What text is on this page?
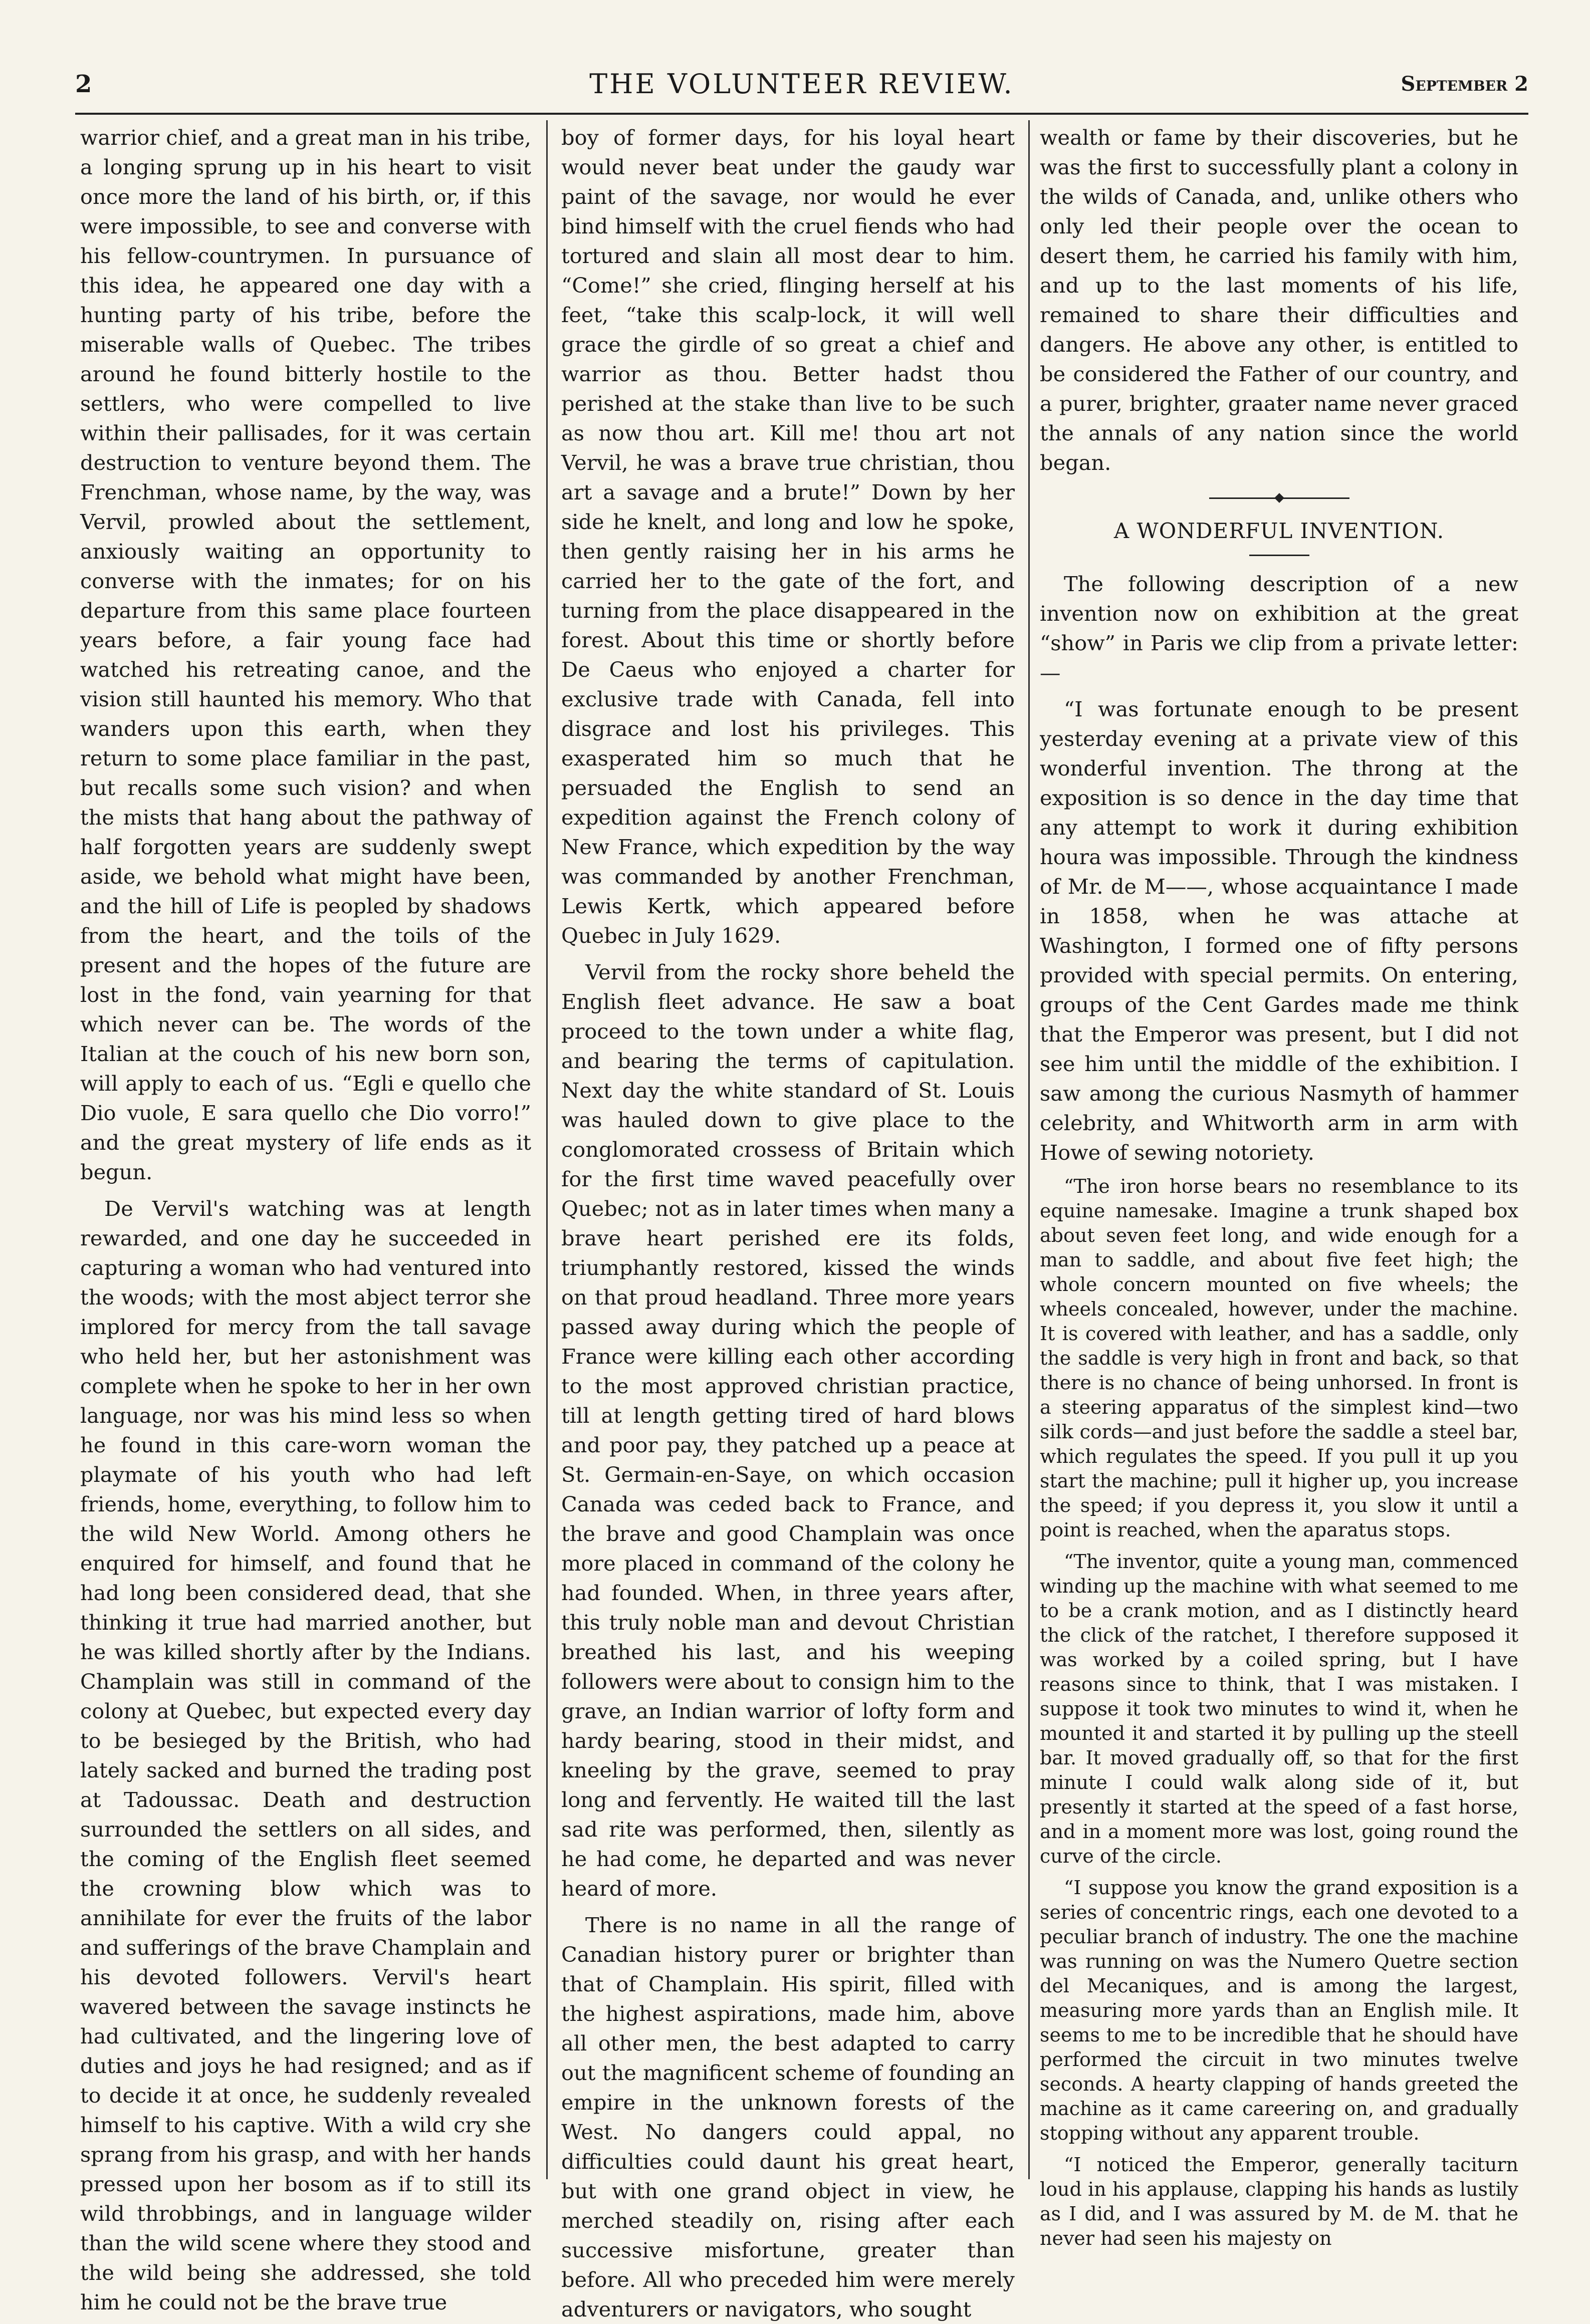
2	THE VOLUNTEER REVIEW.	September 2

warrior chief, and a great man in his tribe, a longing sprung up in his heart to visit once more the land of his birth, or, if this were impossible, to see and converse with his fellow-countrymen. In pursuance of this idea, he appeared one day with a hunting party of his tribe, before the miserable walls of Quebec. The tribes around he found bitterly hostile to the settlers, who were compelled to live within their pallisades, for it was certain destruction to venture beyond them. The Frenchman, whose name, by the way, was Vervil, prowled about the settlement, anxiously waiting an opportunity to converse with the inmates; for on his departure from this same place fourteen years before, a fair young face had watched his retreating canoe, and the vision still haunted his memory. Who that wanders upon this earth, when they return to some place familiar in the past, but recalls some such vision? and when the mists that hang about the pathway of half forgotten years are suddenly swept aside, we behold what might have been, and the hill of Life is peopled by shadows from the heart, and the toils of the present and the hopes of the future are lost in the fond, vain yearning for that which never can be. The words of the Italian at the couch of his new born son, will apply to each of us. “Egli e quello che Dio vuole, E sara quello che Dio vorro!” and the great mystery of life ends as it begun.

De Vervil's watching was at length rewarded, and one day he succeeded in capturing a woman who had ventured into the woods; with the most abject terror she implored for mercy from the tall savage who held her, but her astonishment was complete when he spoke to her in her own language, nor was his mind less so when he found in this care-worn woman the playmate of his youth who had left friends, home, everything, to follow him to the wild New World. Among others he enquired for himself, and found that he had long been considered dead, that she thinking it true had married another, but he was killed shortly after by the Indians. Champlain was still in command of the colony at Quebec, but expected every day to be besieged by the British, who had lately sacked and burned the trading post at Tadoussac. Death and destruction surrounded the settlers on all sides, and the coming of the English fleet seemed the crowning blow which was to annihilate for ever the fruits of the labor and sufferings of the brave Champlain and his devoted followers. Vervil's heart wavered between the savage instincts he had cultivated, and the lingering love of duties and joys he had resigned; and as if to decide it at once, he suddenly revealed himself to his captive. With a wild cry she sprang from his grasp, and with her hands pressed upon her bosom as if to still its wild throbbings, and in language wilder than the wild scene where they stood and the wild being she addressed, she told him he could not be the brave true

boy of former days, for his loyal heart would never beat under the gaudy war paint of the savage, nor would he ever bind himself with the cruel fiends who had tortured and slain all most dear to him. “Come!” she cried, flinging herself at his feet, “take this scalp-lock, it will well grace the girdle of so great a chief and warrior as thou. Better hadst thou perished at the stake than live to be such as now thou art. Kill me! thou art not Vervil, he was a brave true christian, thou art a savage and a brute!” Down by her side he knelt, and long and low he spoke, then gently raising her in his arms he carried her to the gate of the fort, and turning from the place disappeared in the forest. About this time or shortly before De Caeus who enjoyed a charter for exclusive trade with Canada, fell into disgrace and lost his privileges. This exasperated him so much that he persuaded the English to send an expedition against the French colony of New France, which expedition by the way was commanded by another Frenchman, Lewis Kertk, which appeared before Quebec in July 1629.

Vervil from the rocky shore beheld the English fleet advance. He saw a boat proceed to the town under a white flag, and bearing the terms of capitulation. Next day the white standard of St. Louis was hauled down to give place to the conglomorated crossess of Britain which for the first time waved peacefully over Quebec; not as in later times when many a brave heart perished ere its folds, triumphantly restored, kissed the winds on that proud headland. Three more years passed away during which the people of France were killing each other according to the most approved christian practice, till at length getting tired of hard blows and poor pay, they patched up a peace at St. Germain-en-Saye, on which occasion Canada was ceded back to France, and the brave and good Champlain was once more placed in command of the colony he had founded. When, in three years after, this truly noble man and devout Christian breathed his last, and his weeping followers were about to consign him to the grave, an Indian warrior of lofty form and hardy bearing, stood in their midst, and kneeling by the grave, seemed to pray long and fervently. He waited till the last sad rite was performed, then, silently as he had come, he departed and was never heard of more.

There is no name in all the range of Canadian history purer or brighter than that of Champlain. His spirit, filled with the highest aspirations, made him, above all other men, the best adapted to carry out the magnificent scheme of founding an empire in the unknown forests of the West. No dangers could appal, no difficulties could daunt his great heart, but with one grand object in view, he merched steadily on, rising after each successive misfortune, greater than before. All who preceded him were merely adventurers or navigators, who sought

wealth or fame by their discoveries, but he was the first to successfully plant a colony in the wilds of Canada, and, unlike others who only led their people over the ocean to desert them, he carried his family with him, and up to the last moments of his life, remained to share their difficulties and dangers. He above any other, is entitled to be considered the Father of our country, and a purer, brighter, graater name never graced the annals of any nation since the world began.

A WONDERFUL INVENTION.

The following description of a new invention now on exhibition at the great “show” in Paris we clip from a private letter:—

“I was fortunate enough to be present yesterday evening at a private view of this wonderful invention. The throng at the exposition is so dence in the day time that any attempt to work it during exhibition houra was impossible. Through the kindness of Mr. de M——, whose acquaintance I made in 1858, when he was attache at Washington, I formed one of fifty persons provided with special permits. On entering, groups of the Cent Gardes made me think that the Emperor was present, but I did not see him until the middle of the exhibition. I saw among the curious Nasmyth of hammer celebrity, and Whitworth arm in arm with Howe of sewing notoriety.

“The iron horse bears no resemblance to its equine namesake. Imagine a trunk shaped box about seven feet long, and wide enough for a man to saddle, and about five feet high; the whole concern mounted on five wheels; the wheels concealed, however, under the machine. It is covered with leather, and has a saddle, only the saddle is very high in front and back, so that there is no chance of being unhorsed. In front is a steering apparatus of the simplest kind—two silk cords—and just before the saddle a steel bar, which regulates the speed. If you pull it up you start the machine; pull it higher up, you increase the speed; if you depress it, you slow it until a point is reached, when the aparatus stops.

“The inventor, quite a young man, commenced winding up the machine with what seemed to me to be a crank motion, and as I distinctly heard the click of the ratchet, I therefore supposed it was worked by a coiled spring, but I have reasons since to think, that I was mistaken. I suppose it took two minutes to wind it, when he mounted it and started it by pulling up the steell bar. It moved gradually off, so that for the first minute I could walk along side of it, but presently it started at the speed of a fast horse, and in a moment more was lost, going round the curve of the circle.

“I suppose you know the grand exposition is a series of concentric rings, each one devoted to a peculiar branch of industry. The one the machine was running on was the Numero Quetre section del Mecaniques, and is among the largest, measuring more yards than an English mile. It seems to me to be incredible that he should have performed the circuit in two minutes twelve seconds. A hearty clapping of hands greeted the machine as it came careering on, and gradually stopping without any apparent trouble.

“I noticed the Emperor, generally taciturn loud in his applause, clapping his hands as lustily as I did, and I was assured by M. de M. that he never had seen his majesty on
